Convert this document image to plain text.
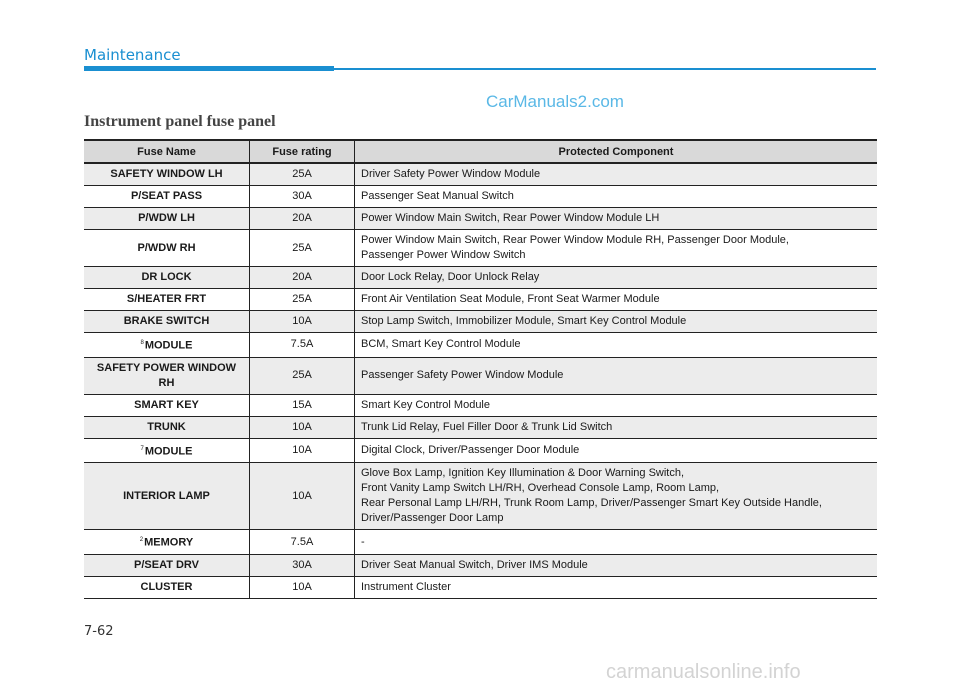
Maintenance
CarManuals2.com
Instrument panel fuse panel
Fuse Name	Fuse rating	Protected Component
SAFETY WINDOW LH	25A	Driver Safety Power Window Module
P/SEAT PASS	30A	Passenger Seat Manual Switch
P/WDW LH	20A	Power Window Main Switch, Rear Power Window Module LH
P/WDW RH	25A	Power Window Main Switch, Rear Power Window Module RH, Passenger Door Module,
Passenger Power Window Switch
DR LOCK	20A	Door Lock Relay, Door Unlock Relay
S/HEATER FRT	25A	Front Air Ventilation Seat Module, Front Seat Warmer Module
BRAKE SWITCH	10A	Stop Lamp Switch, Immobilizer Module, Smart Key Control Module
$^8$MODULE	7.5A	BCM, Smart Key Control Module
SAFETY POWER WINDOW
RH	25A	Passenger Safety Power Window Module
SMART KEY	15A	Smart Key Control Module
TRUNK	10A	Trunk Lid Relay, Fuel Filler Door & Trunk Lid Switch
$^7$MODULE	10A	Digital Clock, Driver/Passenger Door Module
INTERIOR LAMP	10A	Glove Box Lamp, Ignition Key Illumination & Door Warning Switch,
Front Vanity Lamp Switch LH/RH, Overhead Console Lamp, Room Lamp,
Rear Personal Lamp LH/RH, Trunk Room Lamp, Driver/Passenger Smart Key Outside Handle,
Driver/Passenger Door Lamp
$^2$MEMORY	7.5A	-
P/SEAT DRV	30A	Driver Seat Manual Switch, Driver IMS Module
CLUSTER	10A	Instrument Cluster
7-62
carmanualsonline.info
